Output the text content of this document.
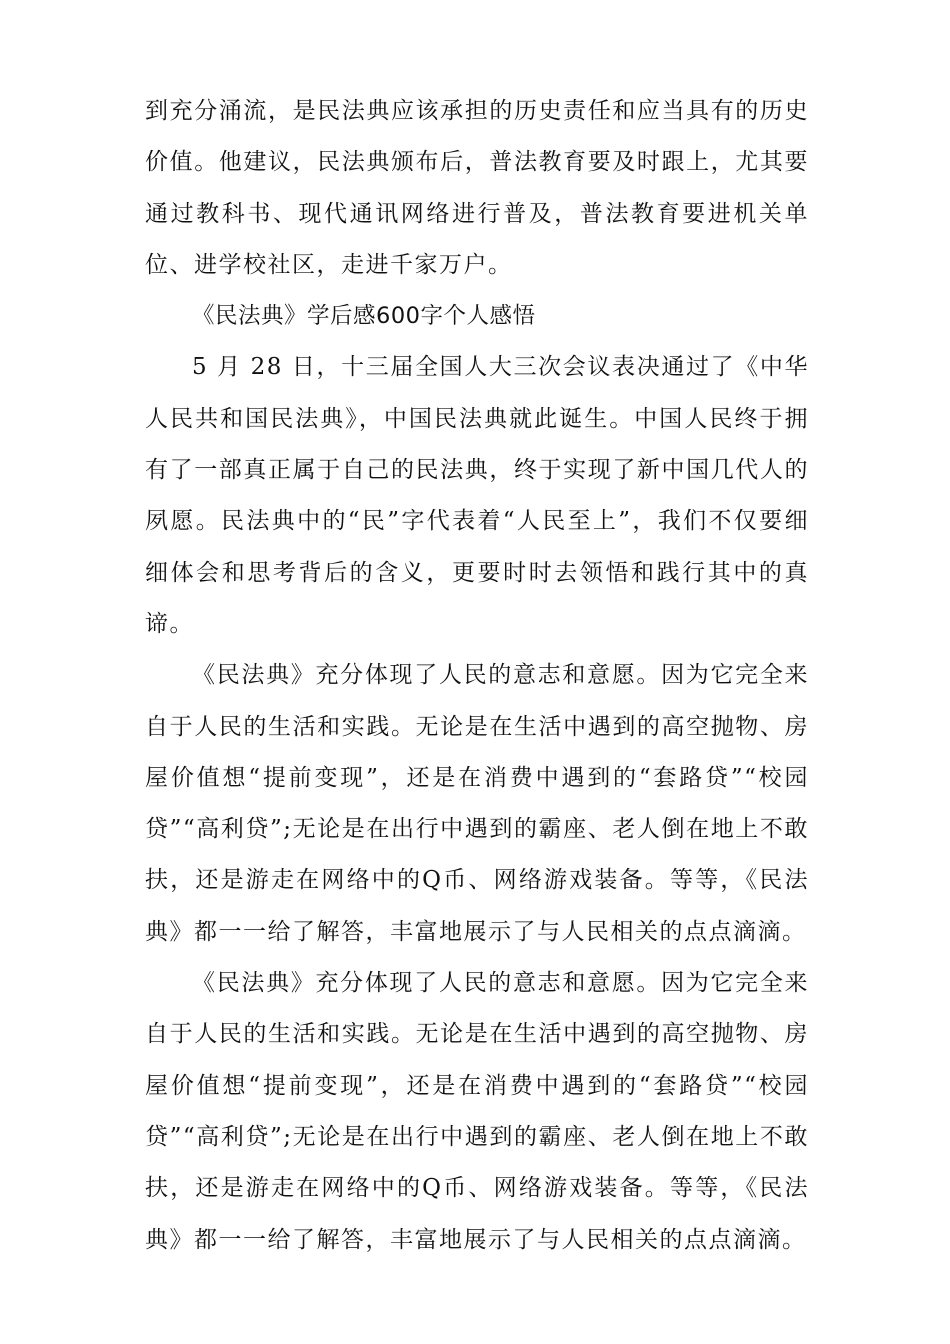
到充分涌流，是民法典应该承担的历史责任和应当具有的历史价值。他建议，民法典颁布后，普法教育要及时跟上，尤其要通过教科书、现代通讯网络进行普及，普法教育要进机关单位、进学校社区，走进千家万户。

《民法典》学后感600字个人感悟

5 月 28 日，十三届全国人大三次会议表决通过了《中华人民共和国民法典》，中国民法典就此诞生。中国人民终于拥有了一部真正属于自己的民法典，终于实现了新中国几代人的夙愿。民法典中的“民”字代表着“人民至上”，我们不仅要细细体会和思考背后的含义，更要时时去领悟和践行其中的真谛。

《民法典》充分体现了人民的意志和意愿。因为它完全来自于人民的生活和实践。无论是在生活中遇到的高空抛物、房屋价值想“提前变现”，还是在消费中遇到的“套路贷”“校园贷”“高利贷”;无论是在出行中遇到的霸座、老人倒在地上不敢扶，还是游走在网络中的Q币、网络游戏装备。等等，《民法典》都一一给了解答，丰富地展示了与人民相关的点点滴滴。

《民法典》充分体现了人民的意志和意愿。因为它完全来自于人民的生活和实践。无论是在生活中遇到的高空抛物、房屋价值想“提前变现”，还是在消费中遇到的“套路贷”“校园贷”“高利贷”;无论是在出行中遇到的霸座、老人倒在地上不敢扶，还是游走在网络中的Q币、网络游戏装备。等等，《民法典》都一一给了解答，丰富地展示了与人民相关的点点滴滴。
